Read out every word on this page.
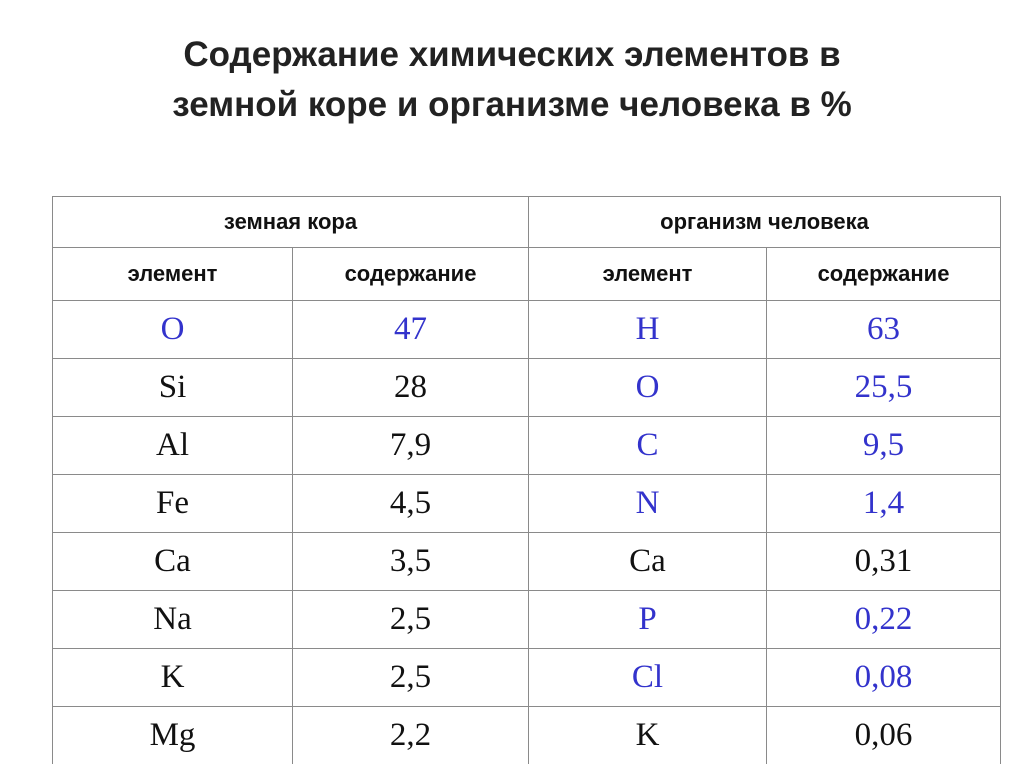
Содержание химических элементов в
земной коре и организме человека в %
земная кора		организм человека	
элемент	содержание	элемент	содержание
O	47	H	63
Si	28	O	25,5
Al	7,9	C	9,5
Fe	4,5	N	1,4
Ca	3,5	Ca	0,31
Na	2,5	P	0,22
K	2,5	Cl	0,08
Mg	2,2	K	0,06
